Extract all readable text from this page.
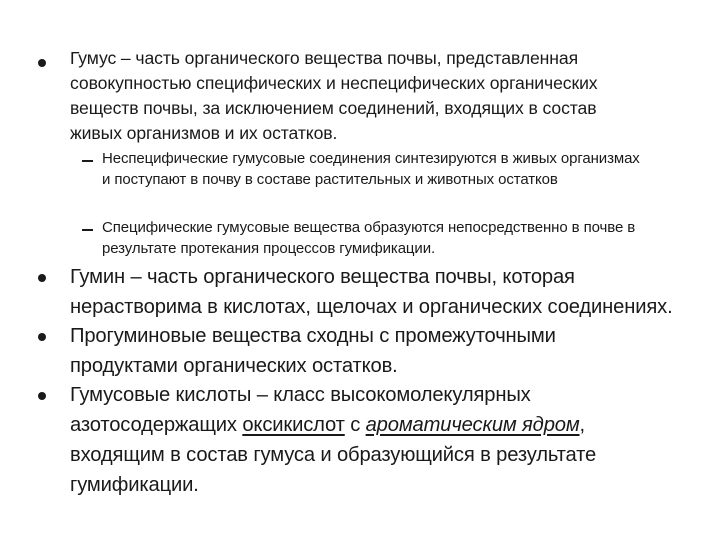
Гумус – часть органического вещества почвы, представленная совокупностью специфических и неспецифических органических веществ почвы, за исключением соединений, входящих в состав живых организмов и их остатков.
Неспецифические гумусовые соединения синтезируются в живых организмах и поступают в почву в составе растительных и животных остатков
Специфические гумусовые вещества образуются непосредственно в почве в результате протекания процессов гумификации.
Гумин – часть органического вещества почвы, которая нерастворима в кислотах, щелочах и органических соединениях.
Прогуминовые вещества сходны с промежуточными продуктами органических остатков.
Гумусовые кислоты – класс высокомолекулярных азотосодержащих оксикислот с ароматическим ядром, входящим в состав гумуса и образующийся в результате гумификации.
